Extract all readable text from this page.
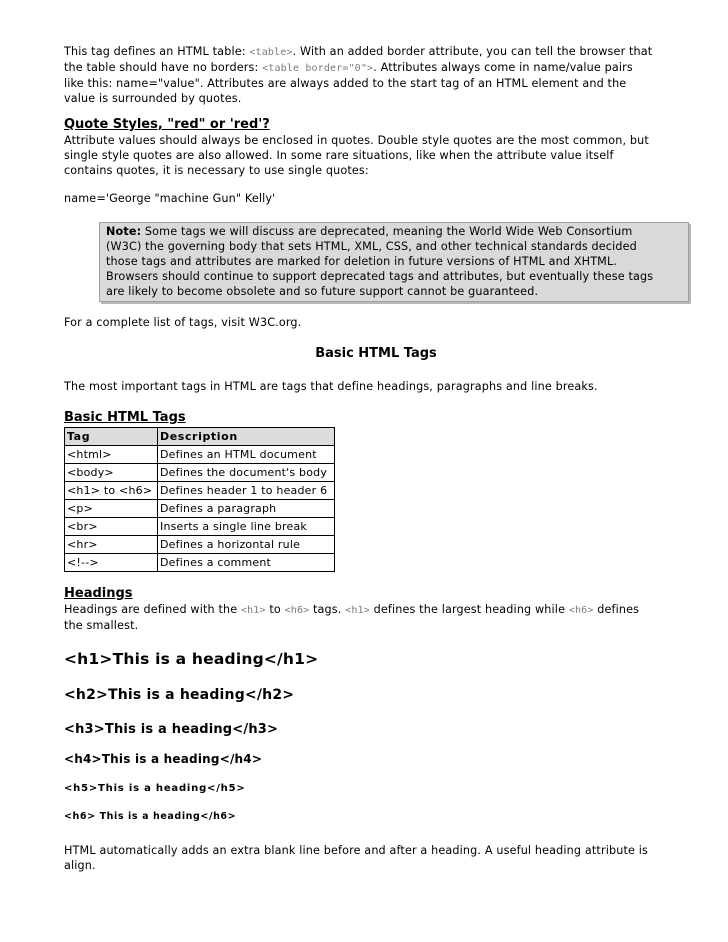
This tag defines an HTML table: <table>. With an added border attribute, you can tell the browser that

the table should have no borders: <table border="0">. Attributes always come in name/value pairs

like this: name="value". Attributes are always added to the start tag of an HTML element and the

value is surrounded by quotes.

Quote Styles, "red" or 'red'?

Attribute values should always be enclosed in quotes. Double style quotes are the most common, but

single style quotes are also allowed. In some rare situations, like when the attribute value itself

contains quotes, it is necessary to use single quotes:

name='George "machine Gun" Kelly'

Note: Some tags we will discuss are deprecated, meaning the World Wide Web Consortium

(W3C) the governing body that sets HTML, XML, CSS, and other technical standards decided

those tags and attributes are marked for deletion in future versions of HTML and XHTML.

Browsers should continue to support deprecated tags and attributes, but eventually these tags

are likely to become obsolete and so future support cannot be guaranteed.

For a complete list of tags, visit W3C.org.

Basic HTML Tags

The most important tags in HTML are tags that define headings, paragraphs and line breaks.

Basic HTML Tags

Tag	Description
<html>	Defines an HTML document
<body>	Defines the document's body
<h1> to <h6>	Defines header 1 to header 6
<p>	Defines a paragraph
<br>	Inserts a single line break
<hr>	Defines a horizontal rule
<!-->	Defines a comment

Headings

Headings are defined with the <h1> to <h6> tags. <h1> defines the largest heading while <h6> defines

the smallest.

<h1>This is a heading</h1>
<h2>This is a heading</h2>
<h3>This is a heading</h3>
<h4>This is a heading</h4>
<h5>This is a heading</h5>
<h6> This is a heading</h6>

HTML automatically adds an extra blank line before and after a heading. A useful heading attribute is

align.
